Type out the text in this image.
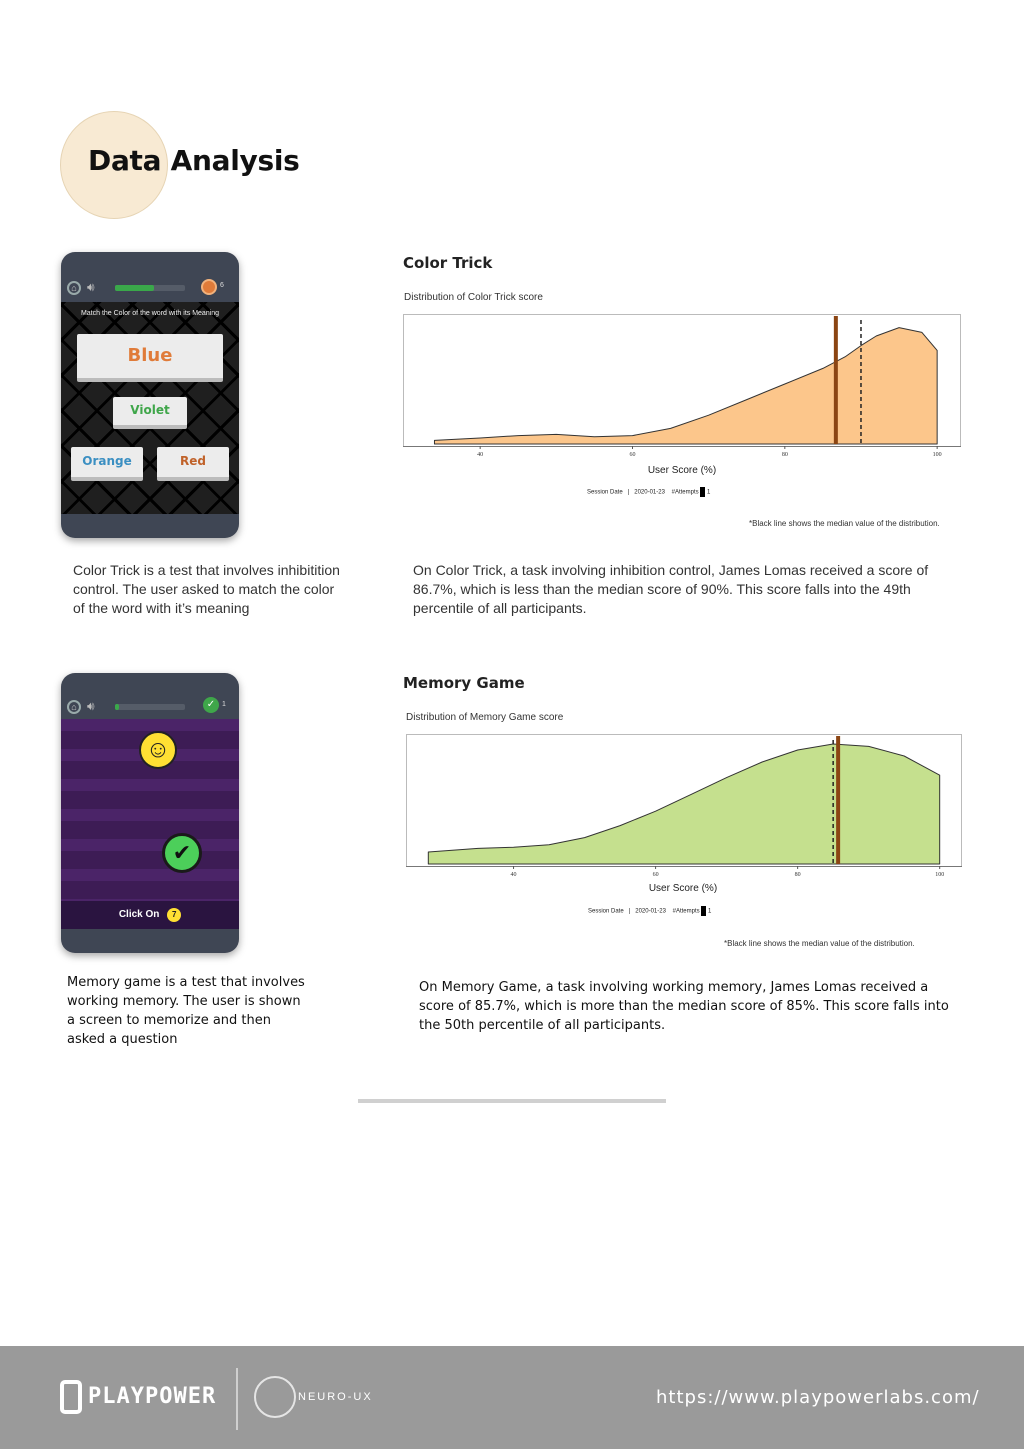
Data Analysis
⌂ 🔊︎	6
Match the Color of the word with its Meaning
Blue
Violet
Orange	Red
Color Trick
Distribution of Color Trick score
40	60	80	100
User Score (%)
Session Date   |   2020-01-23 #Attempts 1
*Black line shows the median value of the distribution.
Color Trick is a test that involves inhibitition control. The user asked to match the color of the word with it’s meaning
On Color Trick, a task involving inhibition control, James Lomas received a score of 86.7%, which is less than the median score of 90%. This score falls into the 49th percentile of all participants.
⌂ 🔊︎	✓ 1
☺
✔
Click On 7
Memory Game
Distribution of Memory Game score
40	60	80	100
User Score (%)
Session Date   |   2020-01-23 #Attempts 1
*Black line shows the median value of the distribution.
Memory game is a test that involves working memory. The user is shown a screen to memorize and then asked a question
On Memory Game, a task involving working memory, James Lomas received a score of 85.7%, which is more than the median score of 85%. This score falls into the 50th percentile of all participants.
PLAYPOWER	NEURO-UX	https://www.playpowerlabs.com/
